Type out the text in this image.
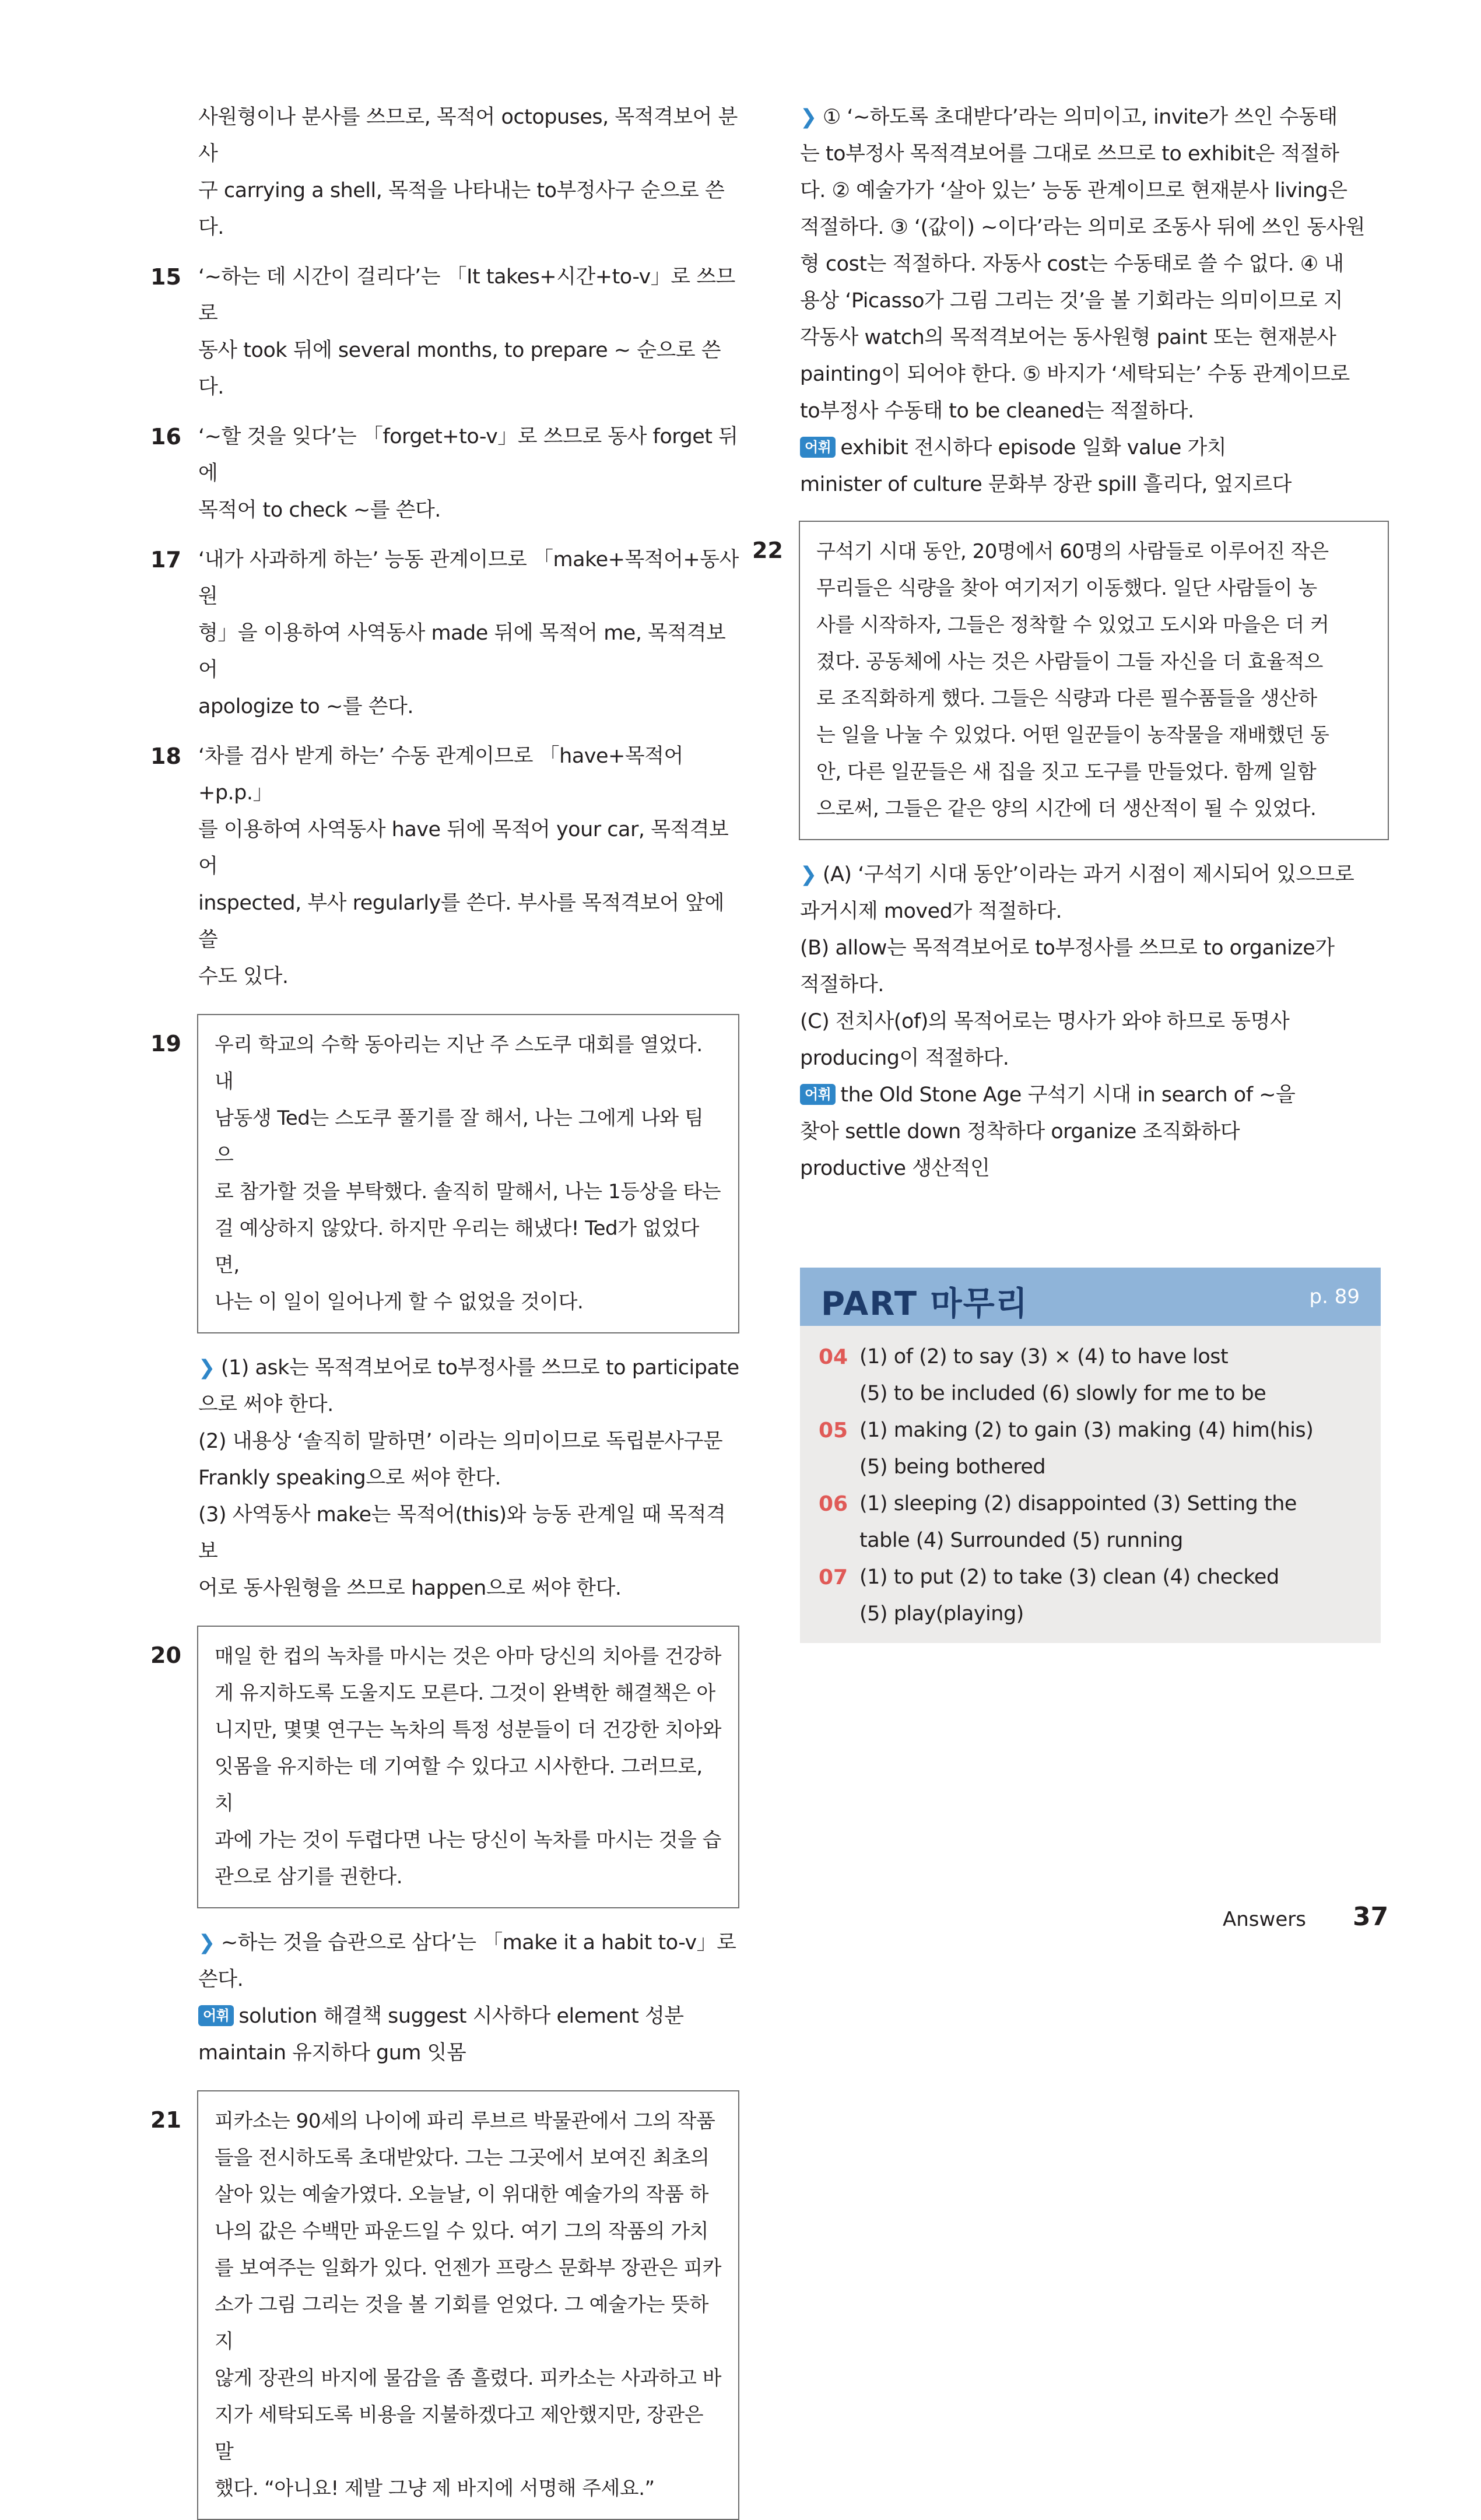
사원형이나 분사를 쓰므로, 목적어 octopuses, 목적격보어 분사

구 carrying a shell, 목적을 나타내는 to부정사구 순으로 쓴다.

15 ‘~하는 데 시간이 걸리다’는 「It takes+시간+to-v」로 쓰므로

동사 took 뒤에 several months, to prepare ~ 순으로 쓴다.

16 ‘~할 것을 잊다’는 「forget+to-v」로 쓰므로 동사 forget 뒤에

목적어 to check ~를 쓴다.

17 ‘내가 사과하게 하는’ 능동 관계이므로 「make+목적어+동사원

형」을 이용하여 사역동사 made 뒤에 목적어 me, 목적격보어

apologize to ~를 쓴다.

18 ‘차를 검사 받게 하는’ 수동 관계이므로 「have+목적어+p.p.」

를 이용하여 사역동사 have 뒤에 목적어 your car, 목적격보어

inspected, 부사 regularly를 쓴다. 부사를 목적격보어 앞에 쓸

수도 있다.

19 우리 학교의 수학 동아리는 지난 주 스도쿠 대회를 열었다. 내

남동생 Ted는 스도쿠 풀기를 잘 해서, 나는 그에게 나와 팀으

로 참가할 것을 부탁했다. 솔직히 말해서, 나는 1등상을 타는

걸 예상하지 않았다. 하지만 우리는 해냈다! Ted가 없었다면,

나는 이 일이 일어나게 할 수 없었을 것이다.

❯ (1) ask는 목적격보어로 to부정사를 쓰므로 to participate

으로 써야 한다.

(2) 내용상 ‘솔직히 말하면’ 이라는 의미이므로 독립분사구문

Frankly speaking으로 써야 한다.

(3) 사역동사 make는 목적어(this)와 능동 관계일 때 목적격보

어로 동사원형을 쓰므로 happen으로 써야 한다.

20 매일 한 컵의 녹차를 마시는 것은 아마 당신의 치아를 건강하

게 유지하도록 도울지도 모른다. 그것이 완벽한 해결책은 아

니지만, 몇몇 연구는 녹차의 특정 성분들이 더 건강한 치아와

잇몸을 유지하는 데 기여할 수 있다고 시사한다. 그러므로, 치

과에 가는 것이 두렵다면 나는 당신이 녹차를 마시는 것을 습

관으로 삼기를 권한다.

❯ ~하는 것을 습관으로 삼다’는 「make it a habit to-v」로

쓴다.

어휘 solution 해결책 suggest 시사하다 element 성분

maintain 유지하다 gum 잇몸

21 피카소는 90세의 나이에 파리 루브르 박물관에서 그의 작품

들을 전시하도록 초대받았다. 그는 그곳에서 보여진 최초의

살아 있는 예술가였다. 오늘날, 이 위대한 예술가의 작품 하

나의 값은 수백만 파운드일 수 있다. 여기 그의 작품의 가치

를 보여주는 일화가 있다. 언젠가 프랑스 문화부 장관은 피카

소가 그림 그리는 것을 볼 기회를 얻었다. 그 예술가는 뜻하지

않게 장관의 바지에 물감을 좀 흘렸다. 피카소는 사과하고 바

지가 세탁되도록 비용을 지불하겠다고 제안했지만, 장관은 말

했다. “아니요! 제발 그냥 제 바지에 서명해 주세요.”

❯ ① ‘~하도록 초대받다’라는 의미이고, invite가 쓰인 수동태

는 to부정사 목적격보어를 그대로 쓰므로 to exhibit은 적절하

다. ② 예술가가 ‘살아 있는’ 능동 관계이므로 현재분사 living은

적절하다. ③ ‘(값이) ~이다’라는 의미로 조동사 뒤에 쓰인 동사원

형 cost는 적절하다. 자동사 cost는 수동태로 쓸 수 없다. ④ 내

용상 ‘Picasso가 그림 그리는 것’을 볼 기회라는 의미이므로 지

각동사 watch의 목적격보어는 동사원형 paint 또는 현재분사

painting이 되어야 한다. ⑤ 바지가 ‘세탁되는’ 수동 관계이므로

to부정사 수동태 to be cleaned는 적절하다.

어휘 exhibit 전시하다 episode 일화 value 가치

minister of culture 문화부 장관 spill 흘리다, 엎지르다

22 구석기 시대 동안, 20명에서 60명의 사람들로 이루어진 작은

무리들은 식량을 찾아 여기저기 이동했다. 일단 사람들이 농

사를 시작하자, 그들은 정착할 수 있었고 도시와 마을은 더 커

졌다. 공동체에 사는 것은 사람들이 그들 자신을 더 효율적으

로 조직화하게 했다. 그들은 식량과 다른 필수품들을 생산하

는 일을 나눌 수 있었다. 어떤 일꾼들이 농작물을 재배했던 동

안, 다른 일꾼들은 새 집을 짓고 도구를 만들었다. 함께 일함

으로써, 그들은 같은 양의 시간에 더 생산적이 될 수 있었다.

❯ (A) ‘구석기 시대 동안’이라는 과거 시점이 제시되어 있으므로

과거시제 moved가 적절하다.

(B) allow는 목적격보어로 to부정사를 쓰므로 to organize가

적절하다.

(C) 전치사(of)의 목적어로는 명사가 와야 하므로 동명사

producing이 적절하다.

어휘 the Old Stone Age 구석기 시대 in search of ~을

찾아 settle down 정착하다 organize 조직화하다

productive 생산적인

PART 마무리	p. 89
04 (1) of (2) to say (3) × (4) to have lost

(5) to be included (6) slowly for me to be

05 (1) making (2) to gain (3) making (4) him(his)

(5) being bothered

06 (1) sleeping (2) disappointed (3) Setting the

table (4) Surrounded (5) running

07 (1) to put (2) to take (3) clean (4) checked

(5) play(playing)

Answers 37
